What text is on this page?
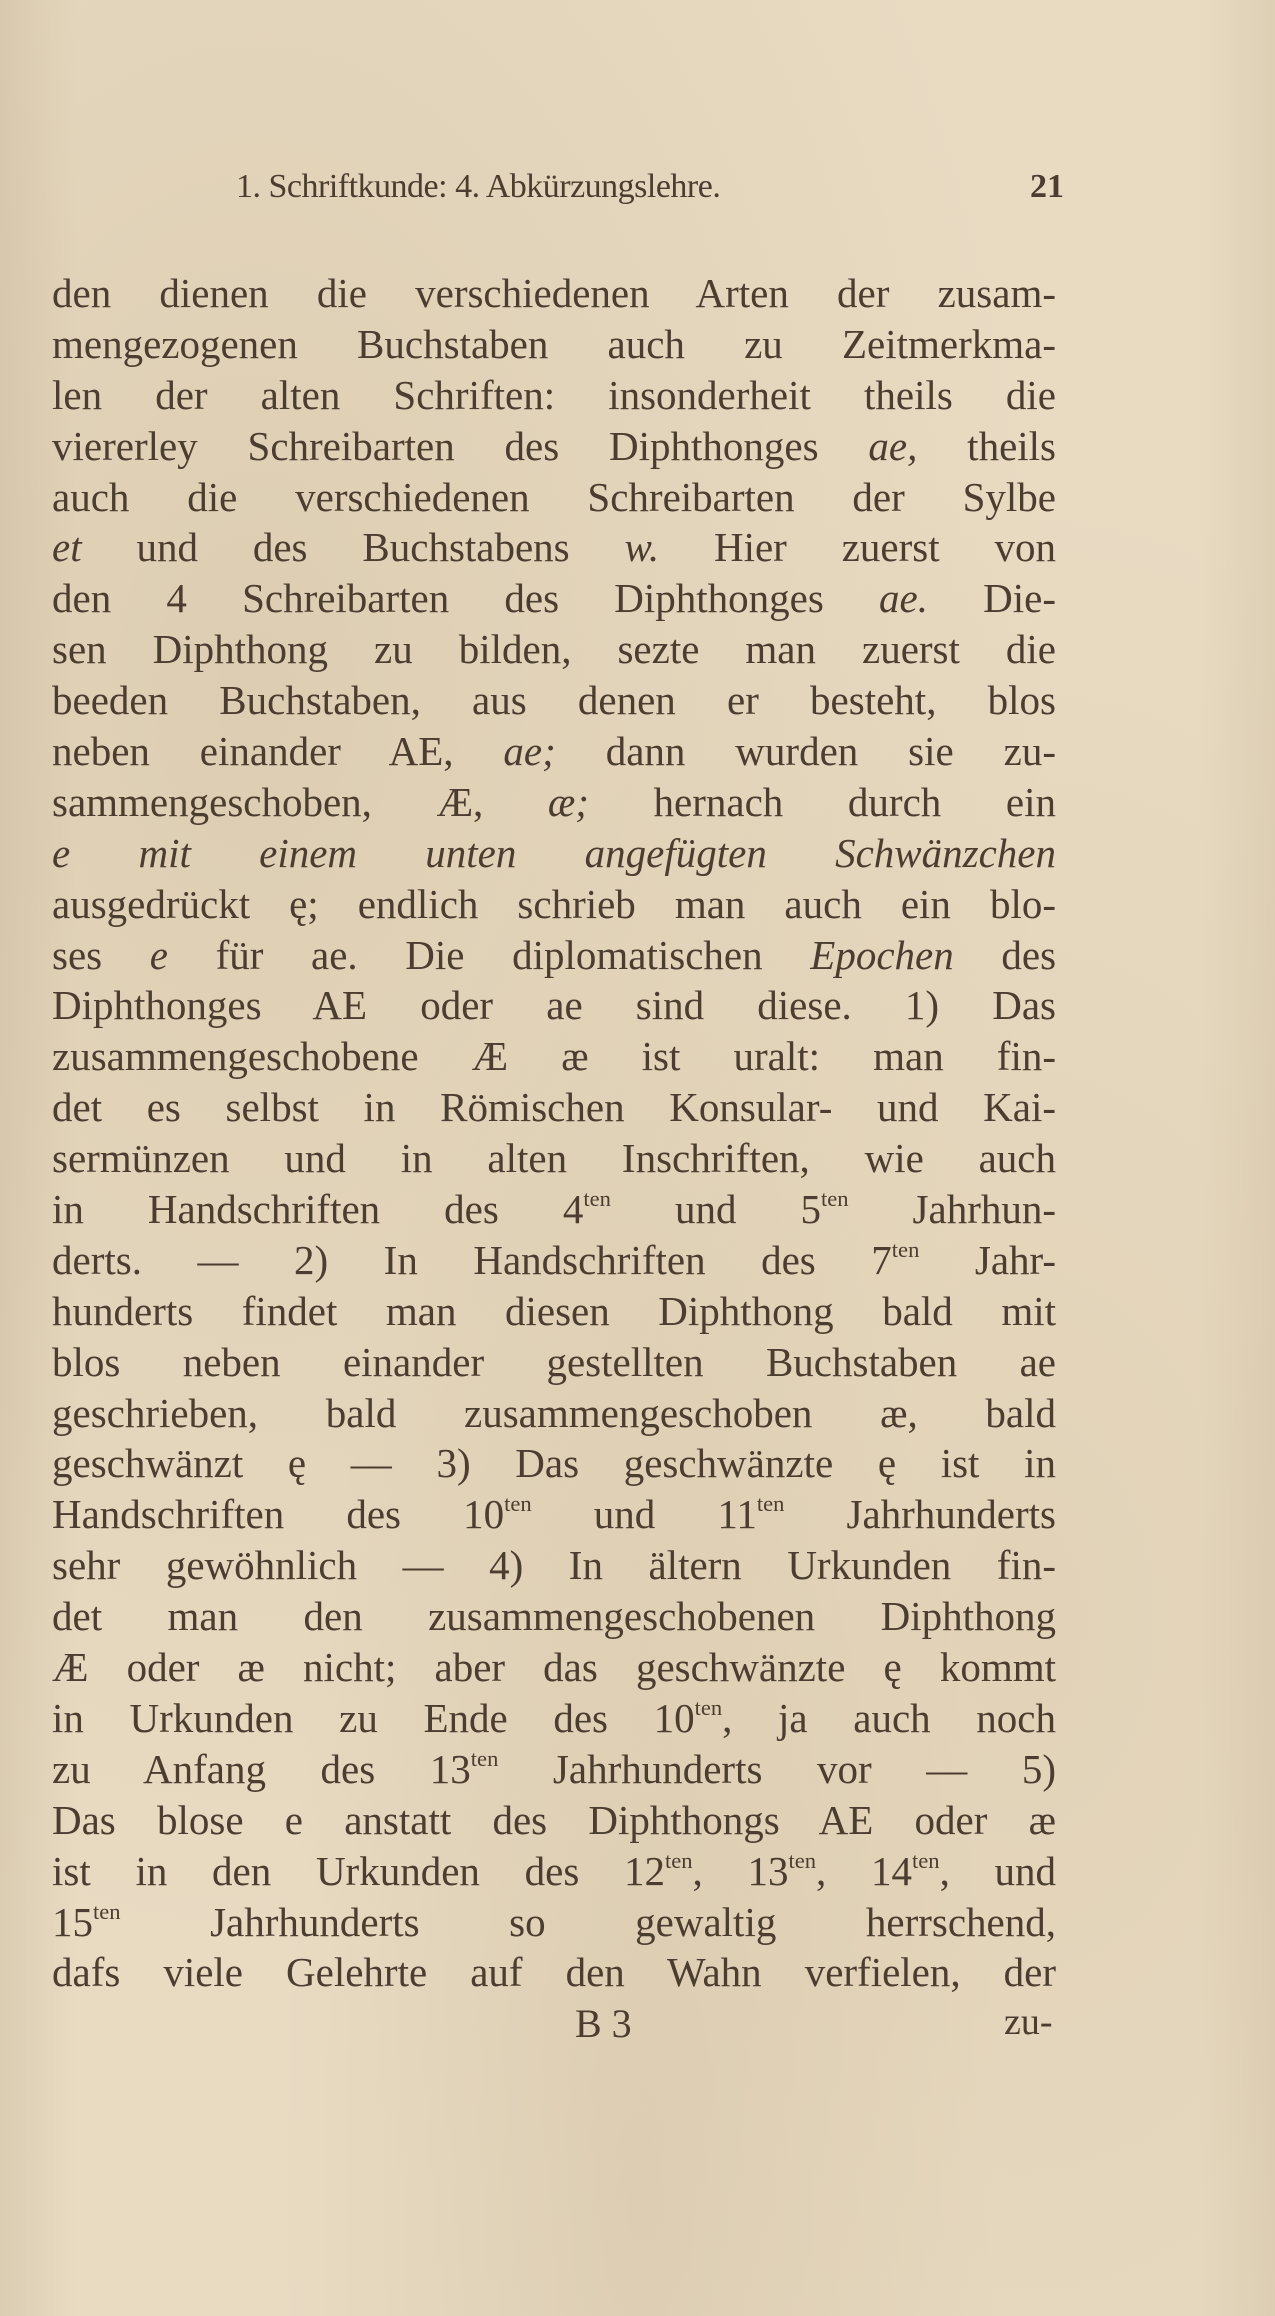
1. Schriftkunde: 4. Abkürzungslehre.	21
den dienen die verschiedenen Arten der zusam-
mengezogenen Buchstaben auch zu Zeitmerkma-
len der alten Schriften: insonderheit theils die
viererley Schreibarten des Diphthonges ae, theils
auch die verschiedenen Schreibarten der Sylbe
et und des Buchstabens w. Hier zuerst von
den 4 Schreibarten des Diphthonges ae. Die-
sen Diphthong zu bilden, sezte man zuerst die
beeden Buchstaben, aus denen er besteht, blos
neben einander AE, ae; dann wurden sie zu-
sammengeschoben, Æ, æ; hernach durch ein
e mit einem unten angefügten Schwänzchen
ausgedrückt ę; endlich schrieb man auch ein blo-
ses e für ae. Die diplomatischen Epochen des
Diphthonges AE oder ae sind diese. 1) Das
zusammengeschobene Æ æ ist uralt: man fin-
det es selbst in Römischen Konsular- und Kai-
sermünzen und in alten Inschriften, wie auch
in Handschriften des $4^{ten}$ und $5^{ten}$ Jahrhun-
derts. — 2) In Handschriften des $7^{ten}$ Jahr-
hunderts findet man diesen Diphthong bald mit
blos neben einander gestellten Buchstaben ae
geschrieben, bald zusammengeschoben æ, bald
geschwänzt ę — 3) Das geschwänzte ę ist in
Handschriften des $10^{ten}$ und $11^{ten}$ Jahrhunderts
sehr gewöhnlich — 4) In ältern Urkunden fin-
det man den zusammengeschobenen Diphthong
Æ oder æ nicht; aber das geschwänzte ę kommt
in Urkunden zu Ende des $10^{ten}$, ja auch noch
zu Anfang des $13^{ten}$ Jahrhunderts vor — 5)
Das blose e anstatt des Diphthongs AE oder æ
ist in den Urkunden des $12^{ten}$, $13^{ten}$, $14^{ten}$, und
$15^{ten}$ Jahrhunderts so gewaltig herrschend,
dafs viele Gelehrte auf den Wahn verfielen, der
B 3	zu-
